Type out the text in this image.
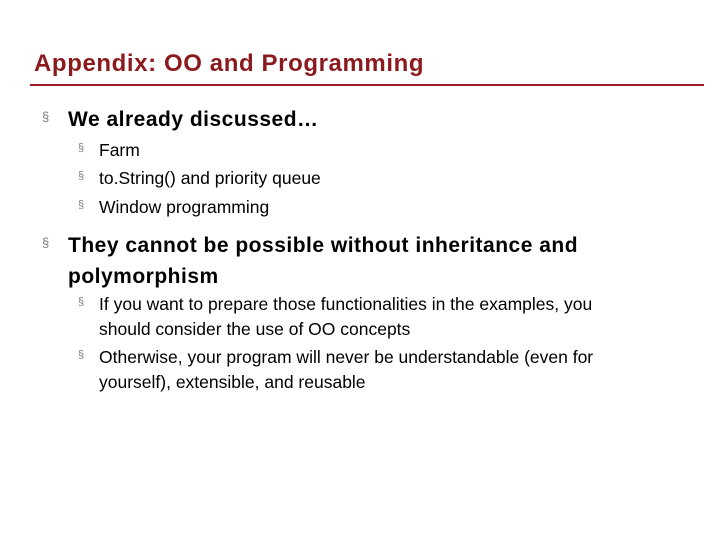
Appendix: OO and Programming
§ We already discussed…
§ Farm
§ to.String() and priority queue
§ Window programming
§ They cannot be possible without inheritance and
polymorphism
§ If you want to prepare those functionalities in the examples, you
should consider the use of OO concepts
§ Otherwise, your program will never be understandable (even for
yourself), extensible, and reusable
